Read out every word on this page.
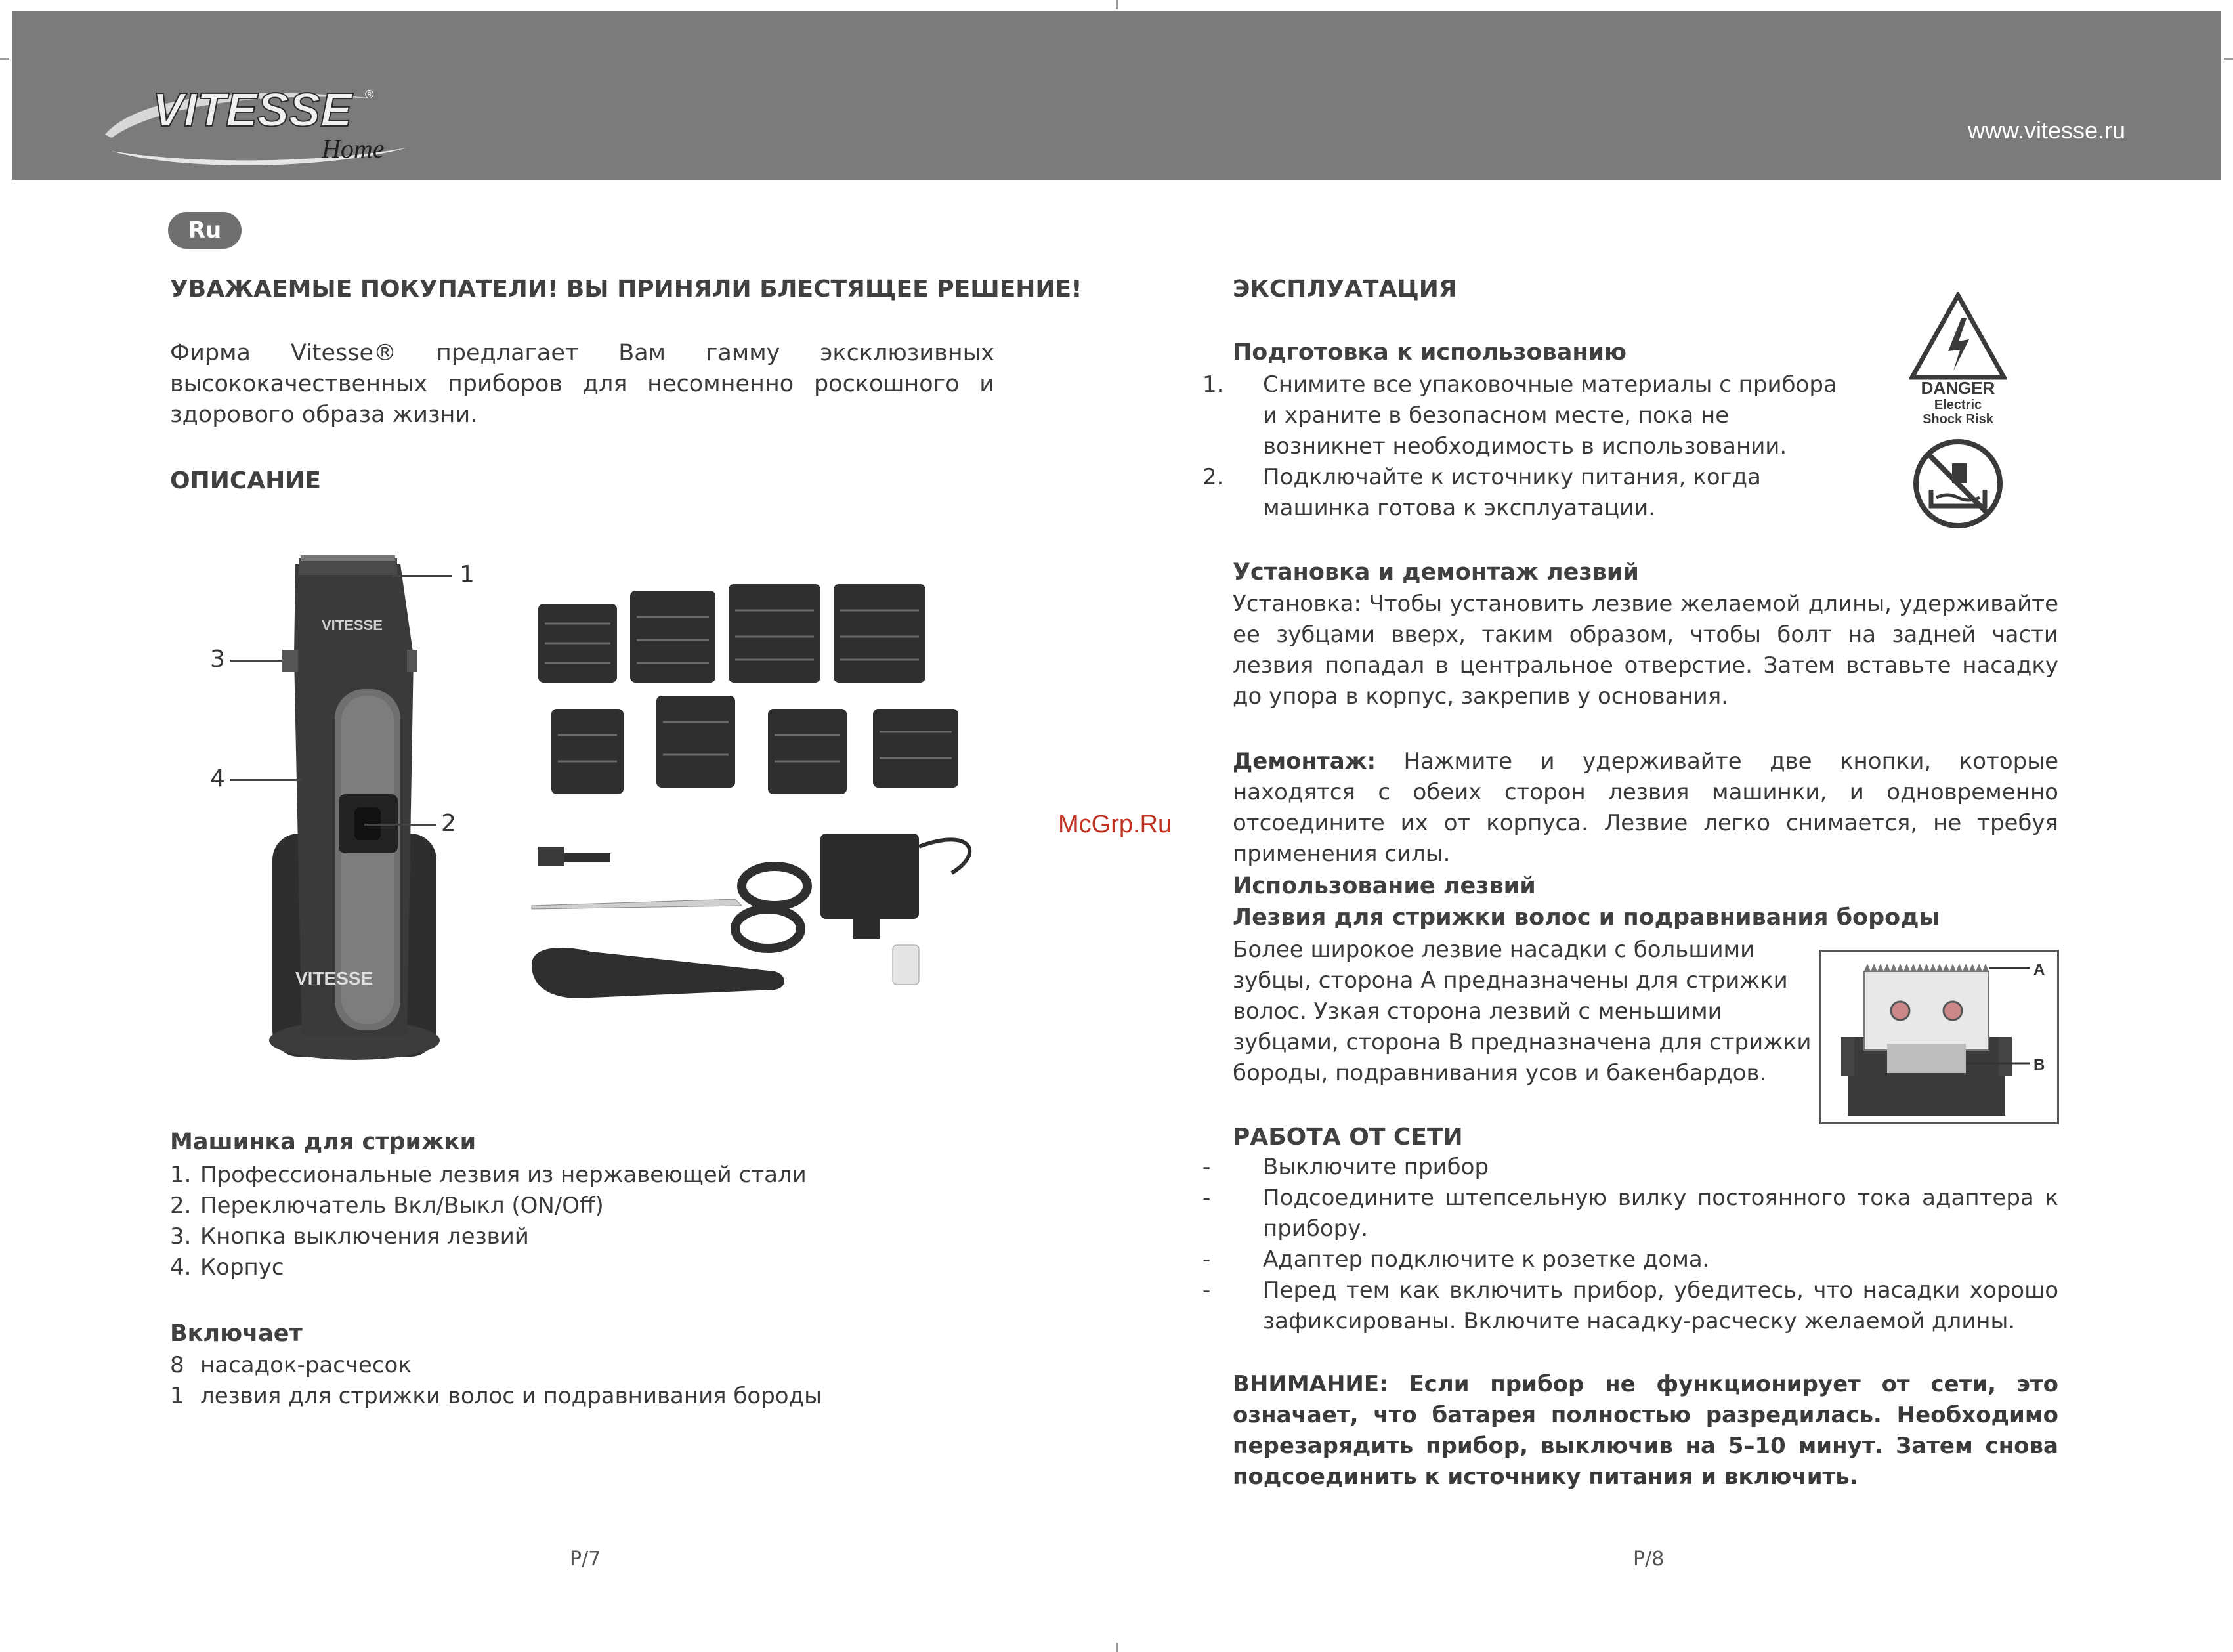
VITESSE ®
Home
www.vitesse.ru
Ru
УВАЖАЕМЫЕ ПОКУПАТЕЛИ! ВЫ ПРИНЯЛИ БЛЕСТЯЩЕЕ РЕШЕНИЕ!
Фирма Vitesse® предлагает Вам гамму эксклюзивных высококачественных приборов для несомненно роскошного и здорового образа жизни.
ОПИСАНИЕ
VITESSE
VITESSE
1
2
3
4
McGrp.Ru
Машинка для стрижки
1. Профессиональные лезвия из нержавеющей стали
2. Переключатель Вкл/Выкл (ON/Off)
3. Кнопка выключения лезвий
4. Корпус
Включает
8 насадок-расчесок
1 лезвия для стрижки волос и подравнивания бороды
P/7
ЭКСПЛУАТАЦИЯ
Подготовка к использованию
1. Снимите все упаковочные материалы с прибора и храните в безопасном месте, пока не возникнет необходимость в использовании.
2. Подключайте к источнику питания, когда машинка готова к эксплуатации.
DANGER
Electric
Shock Risk
Установка и демонтаж лезвий
Установка: Чтобы установить лезвие желаемой длины, удерживайте ее зубцами вверх, таким образом, чтобы болт на задней части лезвия попадал в центральное отверстие. Затем вставьте насадку до упора в корпус, закрепив у основания.
Демонтаж: Нажмите и удерживайте две кнопки, которые находятся с обеих сторон лезвия машинки, и одновременно отсоедините их от корпуса. Лезвие легко снимается, не требуя применения силы.
Использование лезвий
Лезвия для стрижки волос и подравнивания бороды
Более широкое лезвие насадки с большими зубцы, сторона А предназначены для стрижки волос. Узкая сторона лезвий с меньшими зубцами, сторона B предназначена для стрижки бороды, подравнивания усов и бакенбардов.
A
B
РАБОТА ОТ СЕТИ
- Выключите прибор
- Подсоедините штепсельную вилку постоянного тока адаптера к прибору.
- Адаптер подключите к розетке дома.
- Перед тем как включить прибор, убедитесь, что насадки хорошо зафиксированы. Включите насадку-расческу желаемой длины.
ВНИМАНИЕ: Если прибор не функционирует от сети, это означает, что батарея полностью разредилась. Необходимо перезарядить прибор, выключив на 5–10 минут. Затем снова подсоединить к источнику питания и включить.
P/8
